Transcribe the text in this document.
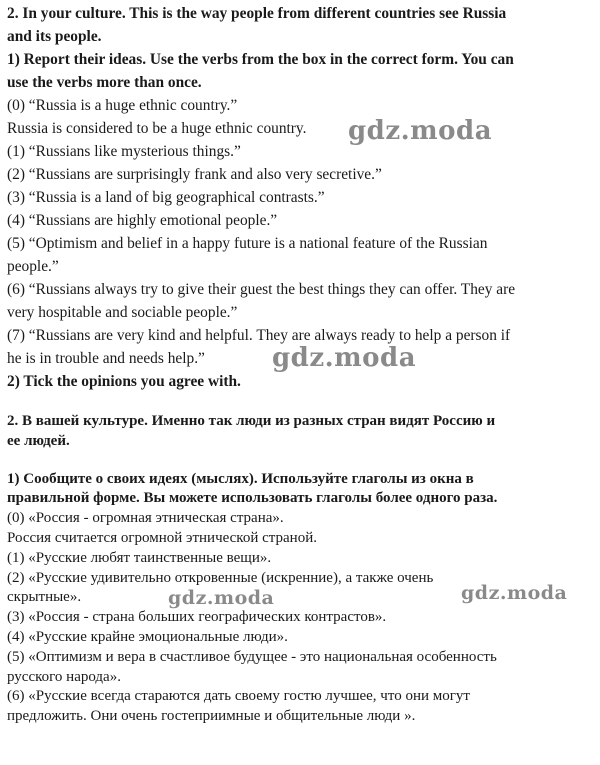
2. In your culture. This is the way people from different countries see Russia

and its people.

1) Report their ideas. Use the verbs from the box in the correct form. You can

use the verbs more than once.

(0) “Russia is a huge ethnic country.”

Russia is considered to be a huge ethnic country.

(1) “Russians like mysterious things.”

(2) “Russians are surprisingly frank and also very secretive.”

(3) “Russia is a land of big geographical contrasts.”

(4) “Russians are highly emotional people.”

(5) “Optimism and belief in a happy future is a national feature of the Russian

people.”

(6) “Russians always try to give their guest the best things they can offer. They are

very hospitable and sociable people.”

(7) “Russians are very kind and helpful. They are always ready to help a person if

he is in trouble and needs help.”

2) Tick the opinions you agree with.

2. В вашей культуре. Именно так люди из разных стран видят Россию и

ее людей.

1) Сообщите о своих идеях (мыслях). Используйте глаголы из окна в

правильной форме. Вы можете использовать глаголы более одного раза.

(0) «Россия - огромная этническая страна».

Россия считается огромной этнической страной.

(1) «Русские любят таинственные вещи».

(2) «Русские удивительно откровенные (искренние), а также очень

скрытные».

(3) «Россия - страна больших географических контрастов».

(4) «Русские крайне эмоциональные люди».

(5) «Оптимизм и вера в счастливое будущее - это национальная особенность

русского народа».

(6) «Русские всегда стараются дать своему гостю лучшее, что они могут

предложить. Они очень гостеприимные и общительные люди ».

gdz.moda
gdz.moda
gdz.moda	gdz.moda
